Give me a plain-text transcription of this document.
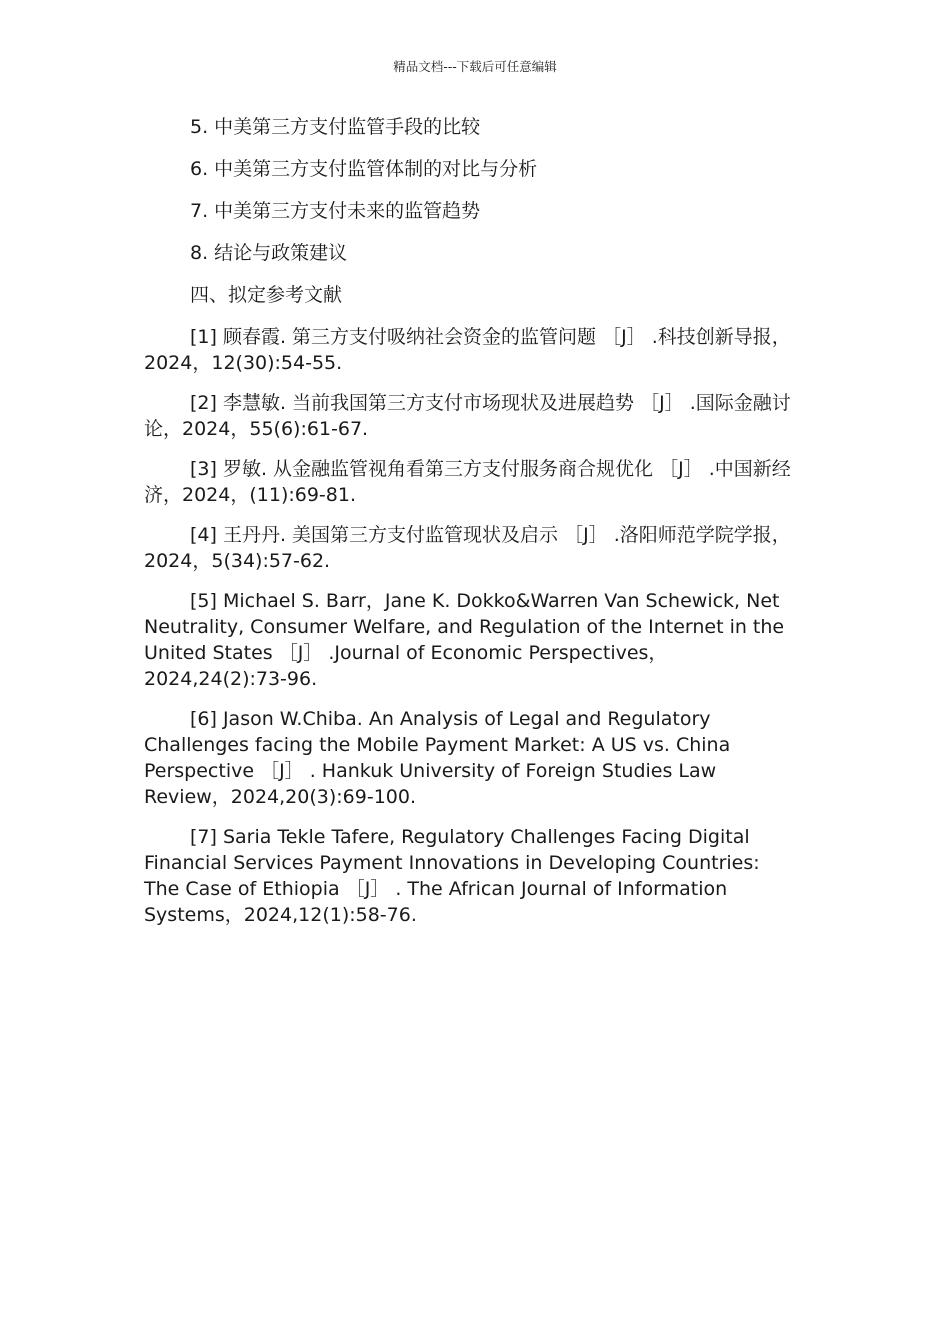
精品文档---下载后可任意编辑

5. 中美第三方支付监管手段的比较

6. 中美第三方支付监管体制的对比与分析

7. 中美第三方支付未来的监管趋势

8. 结论与政策建议

四、拟定参考文献

[1] 顾春霞. 第三方支付吸纳社会资金的监管问题 ［J］ .科技创新导报，2024，12(30):54-55.

[2] 李慧敏. 当前我国第三方支付市场现状及进展趋势 ［J］ .国际金融讨论，2024，55(6):61-67.

[3] 罗敏. 从金融监管视角看第三方支付服务商合规优化 ［J］ .中国新经济，2024，(11):69-81.

[4] 王丹丹. 美国第三方支付监管现状及启示 ［J］ .洛阳师范学院学报，2024，5(34):57-62.

[5] Michael S. Barr，Jane K. Dokko&Warren Van Schewick, Net Neutrality, Consumer Welfare, and Regulation of the Internet in the United States ［J］ .Journal of Economic Perspectives，2024,24(2):73-96.

[6] Jason W.Chiba. An Analysis of Legal and Regulatory Challenges facing the Mobile Payment Market: A US vs. China Perspective ［J］ . Hankuk University of Foreign Studies Law Review，2024,20(3):69-100.

[7] Saria Tekle Tafere, Regulatory Challenges Facing Digital Financial Services Payment Innovations in Developing Countries: The Case of Ethiopia ［J］ . The African Journal of Information Systems，2024,12(1):58-76.
